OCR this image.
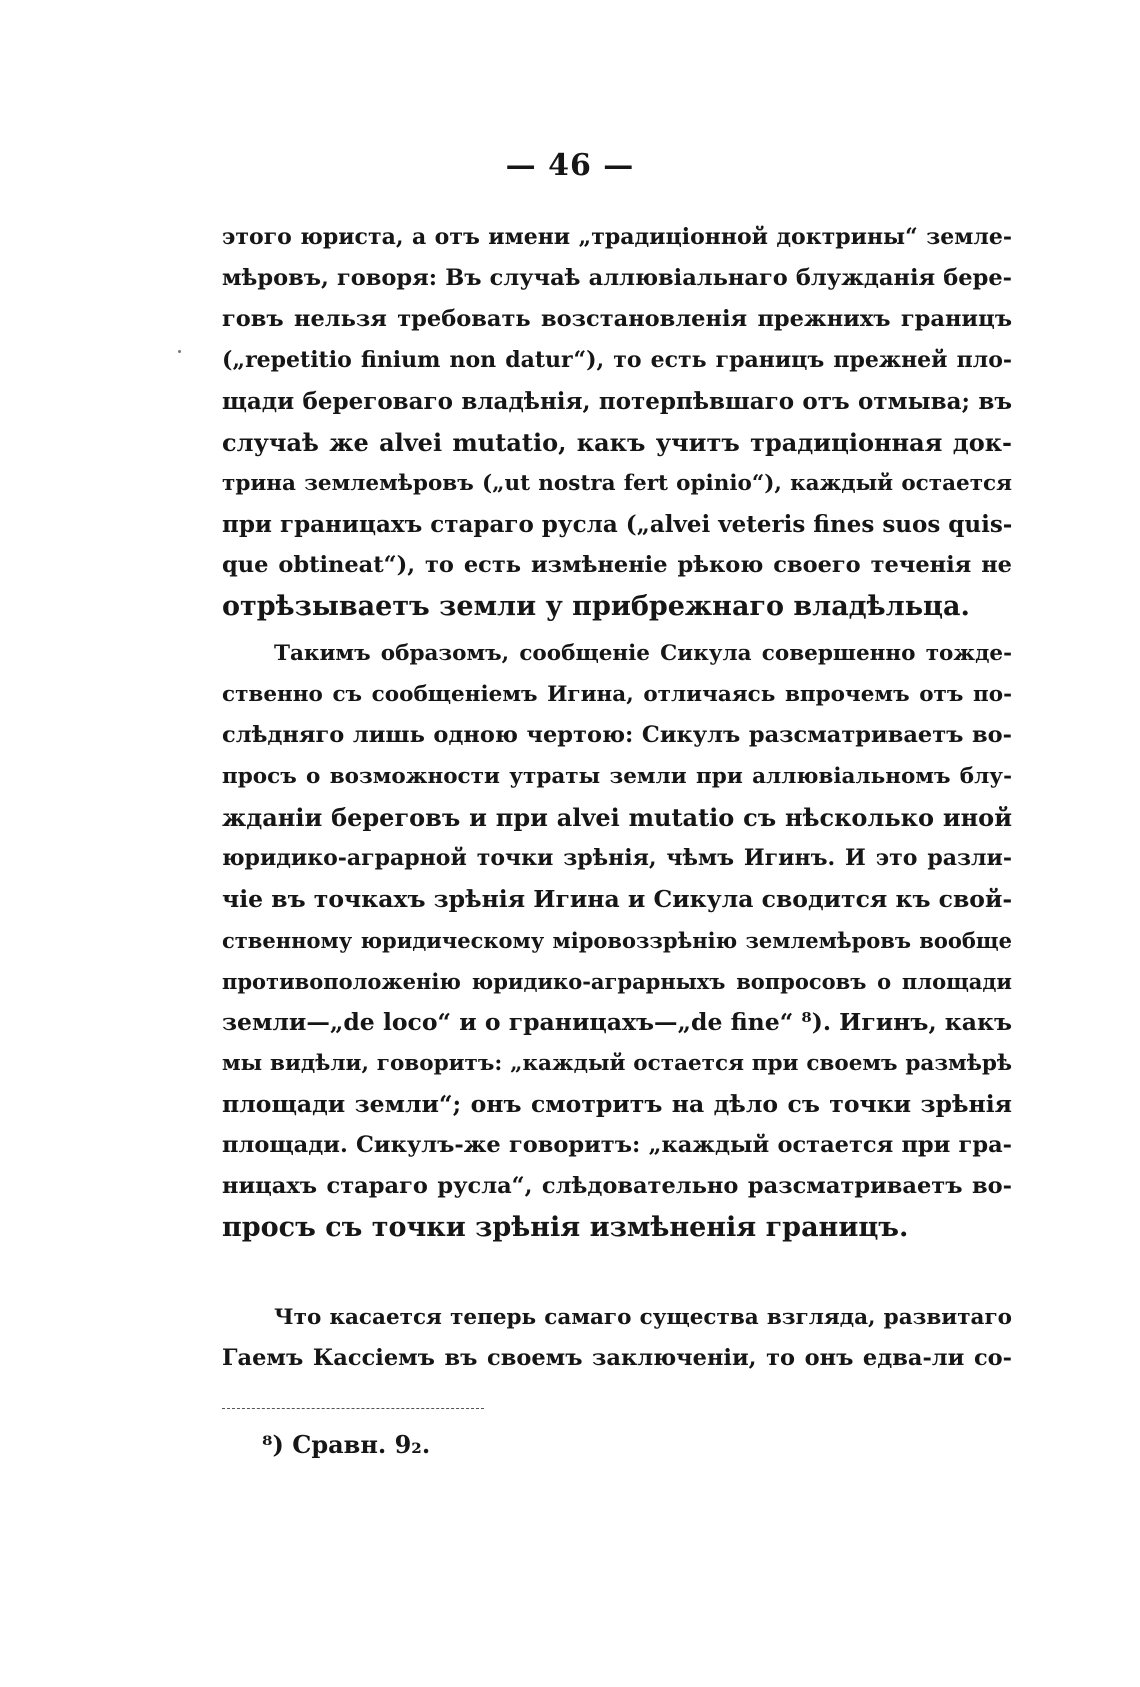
— 46 —
этого юриста, а отъ имени „традиціонной доктрины“ земле-
мѣровъ, говоря: Въ случаѣ аллювіальнаго блужданія бере-
говъ нельзя требовать возстановленія прежнихъ границъ
(„repetitio finium non datur“), то есть границъ прежней пло-
щади береговаго владѣнія, потерпѣвшаго отъ отмыва; въ
случаѣ же alvei mutatio, какъ учитъ традиціонная док-
трина землемѣровъ („ut nostra fert opinio“), каждый остается
при границахъ стараго русла („alvei veteris fines suos quis-
que obtineat“), то есть измѣненіе рѣкою своего теченія не
отрѣзываетъ земли у прибрежнаго владѣльца.
Такимъ образомъ, сообщеніе Сикула совершенно тожде-
ственно съ сообщеніемъ Игина, отличаясь впрочемъ отъ по-
слѣдняго лишь одною чертою: Сикулъ разсматриваетъ во-
просъ о возможности утраты земли при аллювіальномъ блу-
жданіи береговъ и при alvei mutatio съ нѣсколько иной
юридико-аграрной точки зрѣнія, чѣмъ Игинъ. И это разли-
чіе въ точкахъ зрѣнія Игина и Сикула сводится къ свой-
ственному юридическому міровоззрѣнію землемѣровъ вообще
противоположенію юридико-аграрныхъ вопросовъ о площади
земли—„de loco“ и о границахъ—„de fine“ ⁸). Игинъ, какъ
мы видѣли, говоритъ: „каждый остается при своемъ размѣрѣ
площади земли“; онъ смотритъ на дѣло съ точки зрѣнія
площади. Сикулъ-же говоритъ: „каждый остается при гра-
ницахъ стараго русла“, слѣдовательно разсматриваетъ во-
просъ съ точки зрѣнія измѣненія границъ.
Что касается теперь самаго существа взгляда, развитаго
Гаемъ Кассіемъ въ своемъ заключеніи, то онъ едва-ли со-
⁸) Сравн. 9₂.
